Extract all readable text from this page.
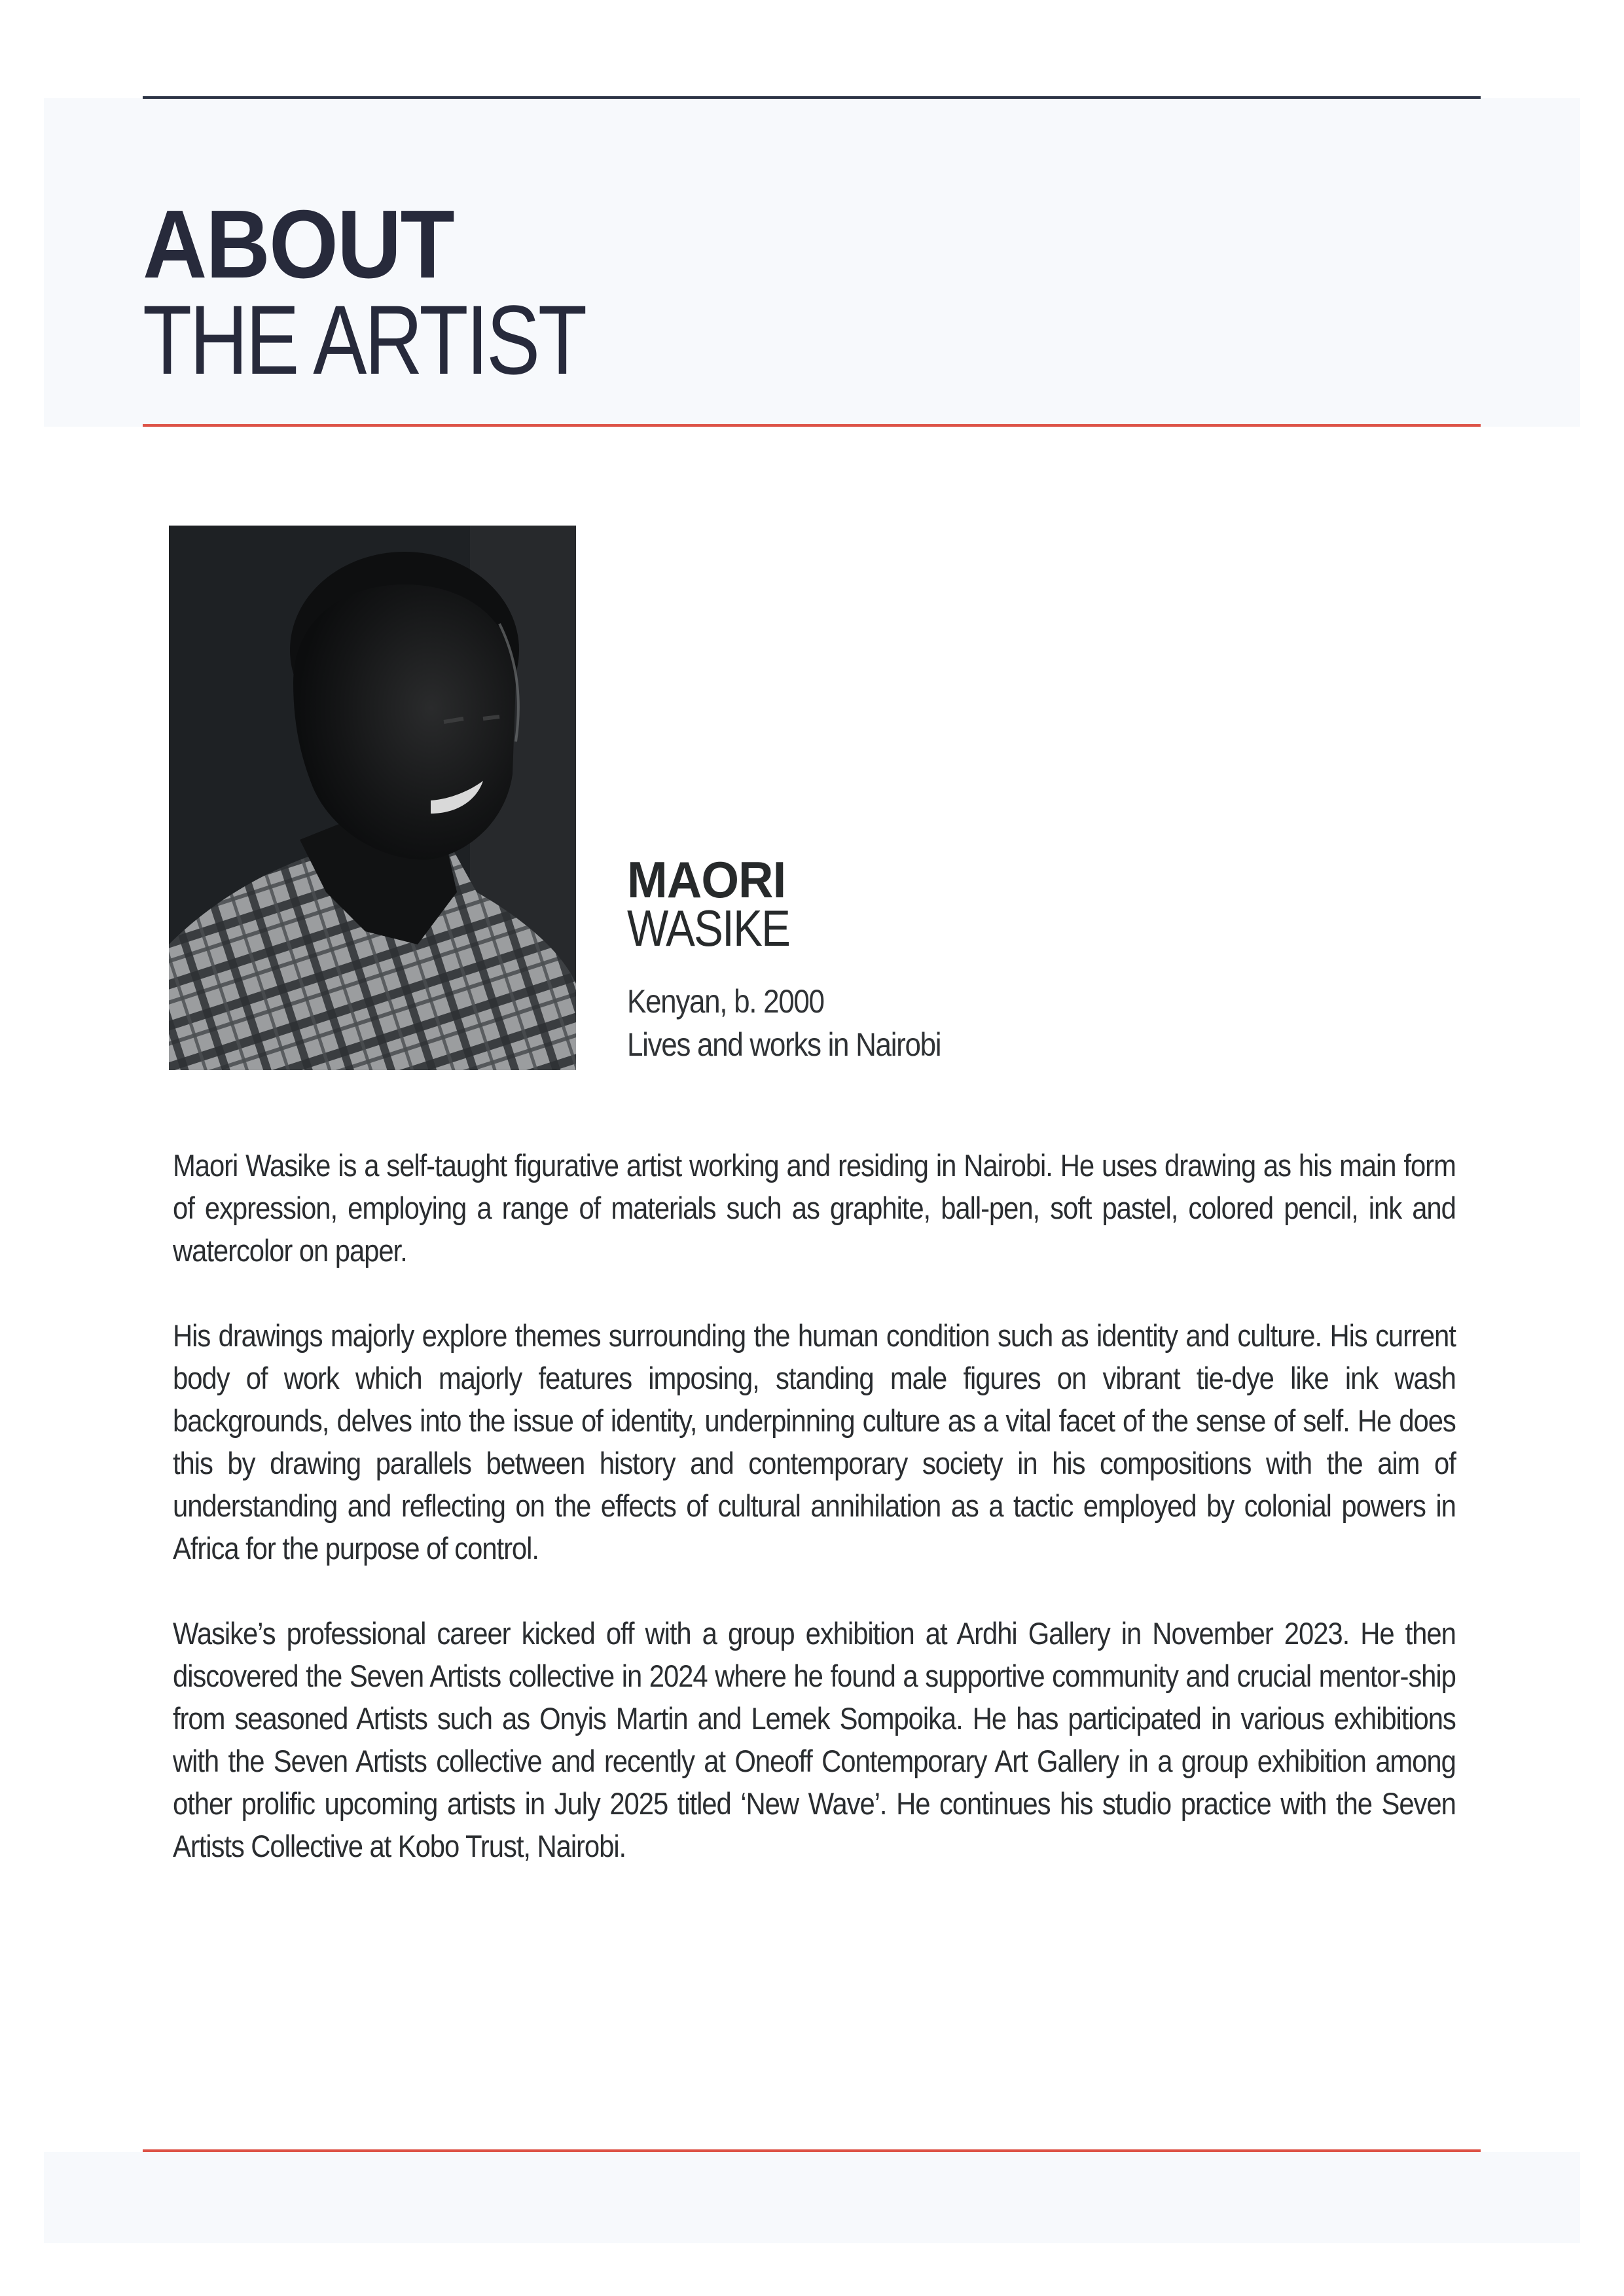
ABOUT
THE ARTIST
MAORI
WASIKE
Kenyan, b. 2000
Lives and works in Nairobi

Maori Wasike is a self-taught figurative artist working and residing in Nairobi. He uses drawing as his main form of expression, employing a range of materials such as graphite, ball-pen, soft pastel, colored pencil, ink and watercolor on paper.

His drawings majorly explore themes surrounding the human condition such as identity and culture. His current body of work which majorly features imposing, standing male figures on vibrant tie-dye like ink wash backgrounds, delves into the issue of identity, underpinning culture as a vital facet of the sense of self. He does this by drawing parallels between history and contemporary society in his compositions with the aim of understanding and reflecting on the effects of cultural annihilation as a tactic employed by colonial powers in Africa for the purpose of control.

Wasike’s professional career kicked off with a group exhibition at Ardhi Gallery in November 2023. He then discovered the Seven Artists collective in 2024 where he found a supportive community and crucial mentor-ship from seasoned Artists such as Onyis Martin and Lemek Sompoika. He has participated in various exhibitions with the Seven Artists collective and recently at Oneoff Contemporary Art Gallery in a group exhibition among other prolific upcoming artists in July 2025 titled ‘New Wave’. He continues his studio practice with the Seven Artists Collective at Kobo Trust, Nairobi.
